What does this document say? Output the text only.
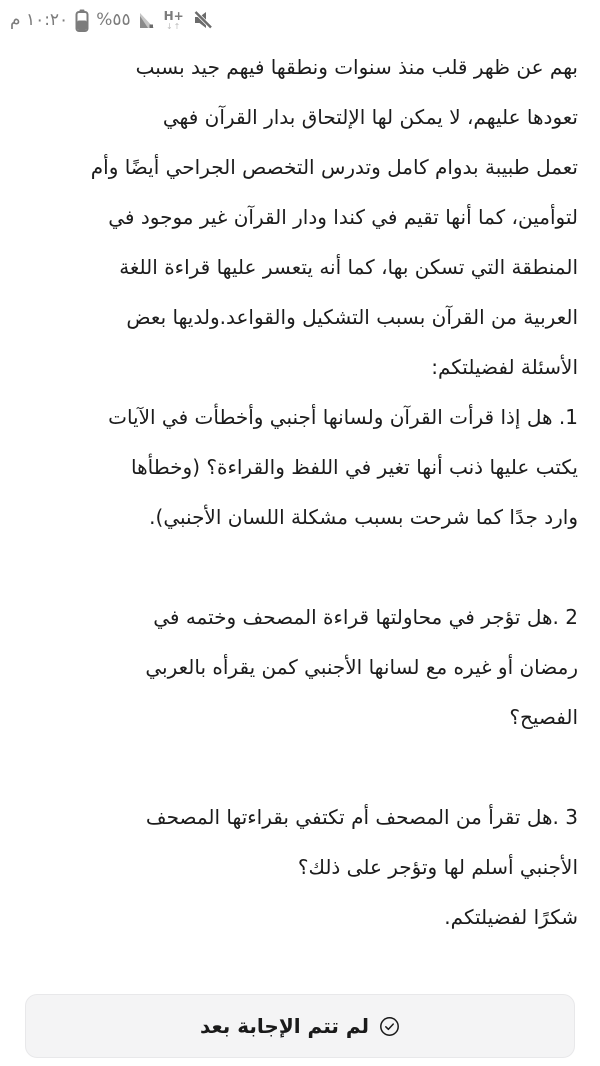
١٠:٢٠ م ٥٥%	H+
↓↑
بهم عن ظهر قلب منذ سنوات ونطقها فيهم جيد بسبب
تعودها عليهم، لا يمكن لها الإلتحاق بدار القرآن فهي
تعمل طبيبة بدوام كامل وتدرس التخصص الجراحي أيضًا وأم
لتوأمين، كما أنها تقيم في كندا ودار القرآن غير موجود في
المنطقة التي تسكن بها، كما أنه يتعسر عليها قراءة اللغة
العربية من القرآن بسبب التشكيل والقواعد.ولديها بعض
الأسئلة لفضيلتكم:
1. هل إذا قرأت القرآن ولسانها أجنبي وأخطأت في الآيات
يكتب عليها ذنب أنها تغير في اللفظ والقراءة؟ (وخطأها
وارد جدًا كما شرحت بسبب مشكلة اللسان الأجنبي).
2 .هل تؤجر في محاولتها قراءة المصحف وختمه في
رمضان أو غيره مع لسانها الأجنبي كمن يقرأه بالعربي
الفصيح؟
3 .هل تقرأ من المصحف أم تكتفي بقراءتها المصحف
الأجنبي أسلم لها وتؤجر على ذلك؟
شكرًا لفضيلتكم.
لم تتم الإجابة بعد
